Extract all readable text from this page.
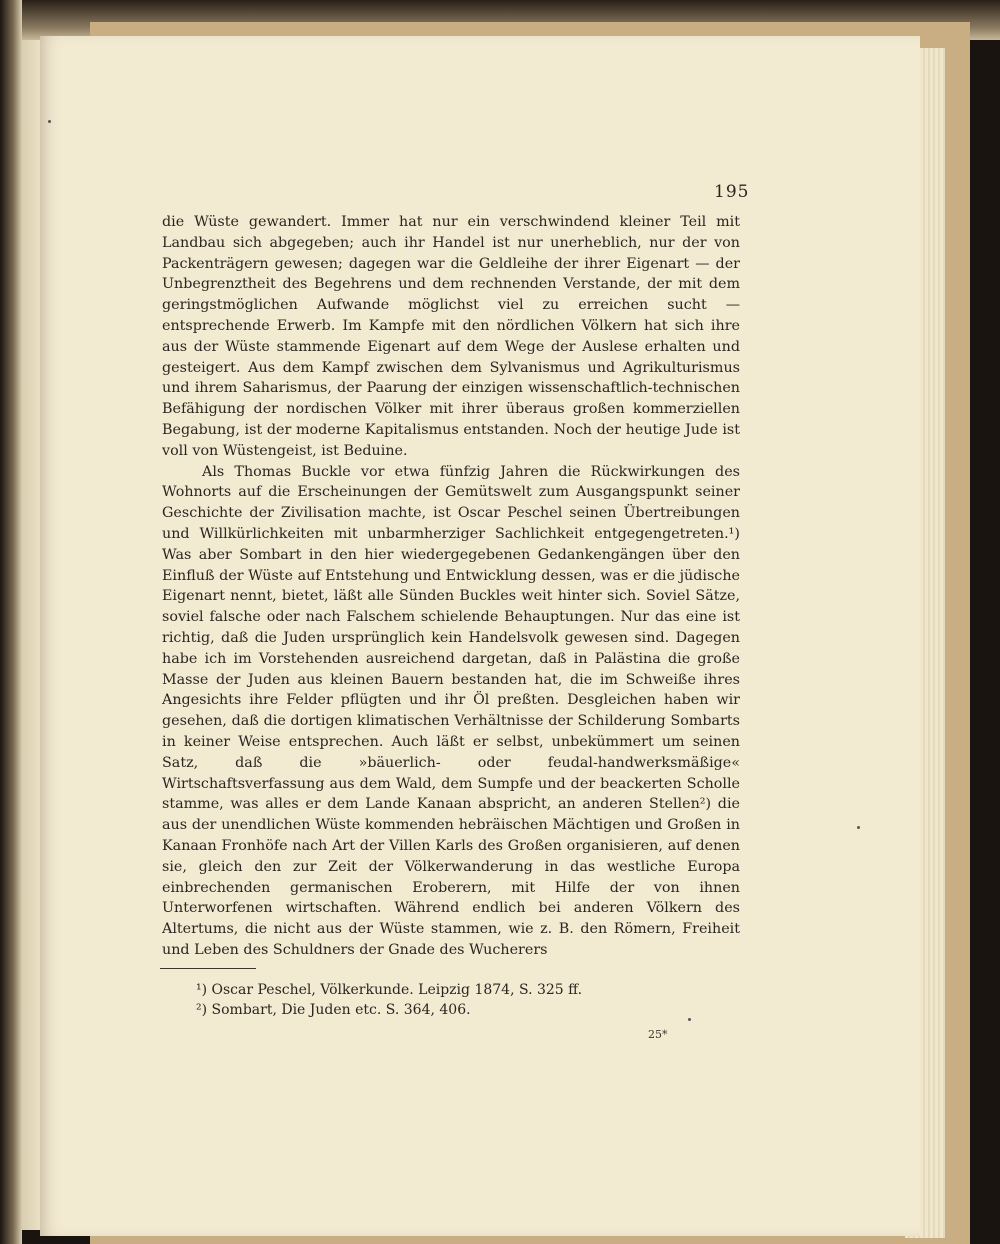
195

die Wüste gewandert. Immer hat nur ein verschwindend kleiner Teil mit Landbau sich abgegeben; auch ihr Handel ist nur unerheblich, nur der von Packenträgern gewesen; dagegen war die Geldleihe der ihrer Eigenart — der Unbegrenztheit des Begehrens und dem rechnenden Verstande, der mit dem geringstmöglichen Aufwande möglichst viel zu erreichen sucht — entsprechende Erwerb. Im Kampfe mit den nördlichen Völkern hat sich ihre aus der Wüste stammende Eigenart auf dem Wege der Auslese erhalten und gesteigert. Aus dem Kampf zwischen dem Sylvanismus und Agrikulturismus und ihrem Saharismus, der Paarung der einzigen wissenschaftlich-technischen Befähigung der nordischen Völker mit ihrer überaus großen kommerziellen Begabung, ist der moderne Kapitalismus entstanden. Noch der heutige Jude ist voll von Wüstengeist, ist Beduine.

Als Thomas Buckle vor etwa fünfzig Jahren die Rückwirkungen des Wohnorts auf die Erscheinungen der Gemütswelt zum Ausgangspunkt seiner Geschichte der Zivilisation machte, ist Oscar Peschel seinen Übertreibungen und Willkürlichkeiten mit unbarmherziger Sachlichkeit entgegengetreten.¹) Was aber Sombart in den hier wiedergegebenen Gedankengängen über den Einfluß der Wüste auf Entstehung und Entwicklung dessen, was er die jüdische Eigenart nennt, bietet, läßt alle Sünden Buckles weit hinter sich. Soviel Sätze, soviel falsche oder nach Falschem schielende Behauptungen. Nur das eine ist richtig, daß die Juden ursprünglich kein Handelsvolk gewesen sind. Dagegen habe ich im Vorstehenden ausreichend dargetan, daß in Palästina die große Masse der Juden aus kleinen Bauern bestanden hat, die im Schweiße ihres Angesichts ihre Felder pflügten und ihr Öl preßten. Desgleichen haben wir gesehen, daß die dortigen klimatischen Verhältnisse der Schilderung Sombarts in keiner Weise entsprechen. Auch läßt er selbst, unbekümmert um seinen Satz, daß die »bäuerlich- oder feudal-handwerksmäßige« Wirtschaftsverfassung aus dem Wald, dem Sumpfe und der beackerten Scholle stamme, was alles er dem Lande Kanaan abspricht, an anderen Stellen²) die aus der unendlichen Wüste kommenden hebräischen Mächtigen und Großen in Kanaan Fronhöfe nach Art der Villen Karls des Großen organisieren, auf denen sie, gleich den zur Zeit der Völkerwanderung in das westliche Europa einbrechenden germanischen Eroberern, mit Hilfe der von ihnen Unterworfenen wirtschaften. Während endlich bei anderen Völkern des Altertums, die nicht aus der Wüste stammen, wie z. B. den Römern, Freiheit und Leben des Schuldners der Gnade des Wucherers

¹) Oscar Peschel, Völkerkunde. Leipzig 1874, S. 325 ff.
²) Sombart, Die Juden etc. S. 364, 406.
25*
